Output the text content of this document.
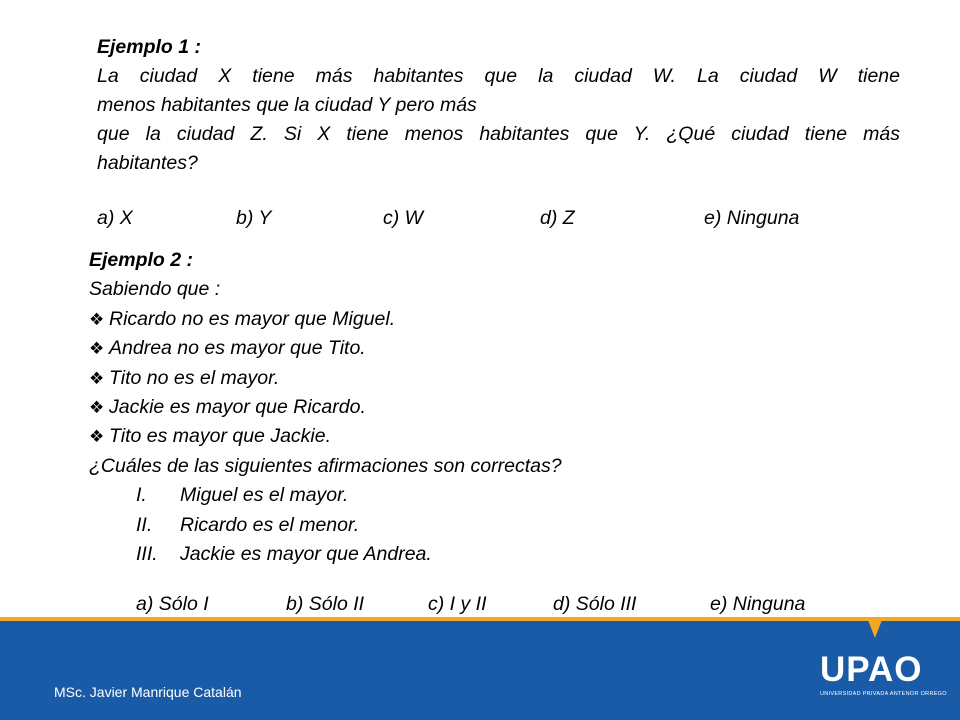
Ejemplo 1 :
La ciudad X tiene más habitantes que la ciudad W. La ciudad W tiene
menos habitantes que la ciudad Y pero más
que la ciudad Z. Si X tiene menos habitantes que Y. ¿Qué ciudad tiene más
habitantes?
a) X	b) Y	c) W	d) Z	e) Ninguna
Ejemplo 2 :
Sabiendo que :
❖ Ricardo no es mayor que Miguel.
❖ Andrea no es mayor que Tito.
❖ Tito no es el mayor.
❖ Jackie es mayor que Ricardo.
❖ Tito es mayor que Jackie.
¿Cuáles de las siguientes afirmaciones son correctas?
I. Miguel es el mayor.
II. Ricardo es el menor.
III. Jackie es mayor que Andrea.
a) Sólo I	b) Sólo II	c) I y II	d) Sólo III	e) Ninguna
MSc. Javier Manrique Catalán
UPAO
UNIVERSIDAD PRIVADA ANTENOR ORREGO
